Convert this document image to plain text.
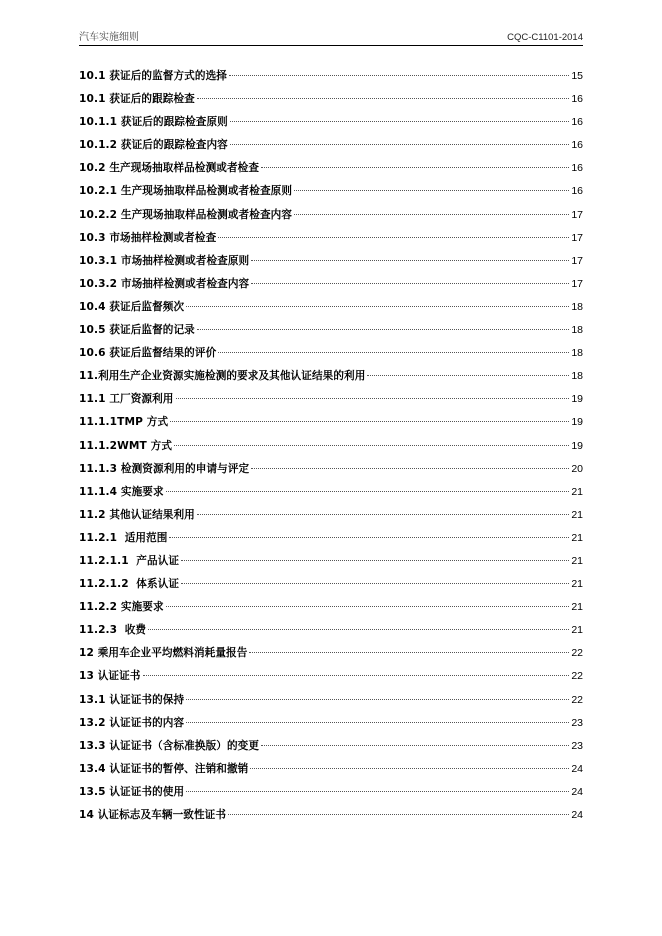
汽车实施细则	CQC-C1101-2014
10.1 获证后的监督方式的选择	15
10.1 获证后的跟踪检查	16
10.1.1 获证后的跟踪检查原则	16
10.1.2 获证后的跟踪检查内容	16
10.2 生产现场抽取样品检测或者检查	16
10.2.1 生产现场抽取样品检测或者检查原则	16
10.2.2 生产现场抽取样品检测或者检查内容	17
10.3 市场抽样检测或者检查	17
10.3.1 市场抽样检测或者检查原则	17
10.3.2 市场抽样检测或者检查内容	17
10.4 获证后监督频次	18
10.5 获证后监督的记录	18
10.6 获证后监督结果的评价	18
11.利用生产企业资源实施检测的要求及其他认证结果的利用	18
11.1 工厂资源利用	19
11.1.1TMP 方式	19
11.1.2WMT 方式	19
11.1.3 检测资源利用的申请与评定	20
11.1.4 实施要求	21
11.2 其他认证结果利用	21
11.2.1  适用范围	21
11.2.1.1  产品认证	21
11.2.1.2  体系认证	21
11.2.2 实施要求	21
11.2.3  收费	21
12 乘用车企业平均燃料消耗量报告	22
13 认证证书	22
13.1 认证证书的保持	22
13.2 认证证书的内容	23
13.3 认证证书（含标准换版）的变更	23
13.4 认证证书的暂停、注销和撤销	24
13.5 认证证书的使用	24
14 认证标志及车辆一致性证书	24
